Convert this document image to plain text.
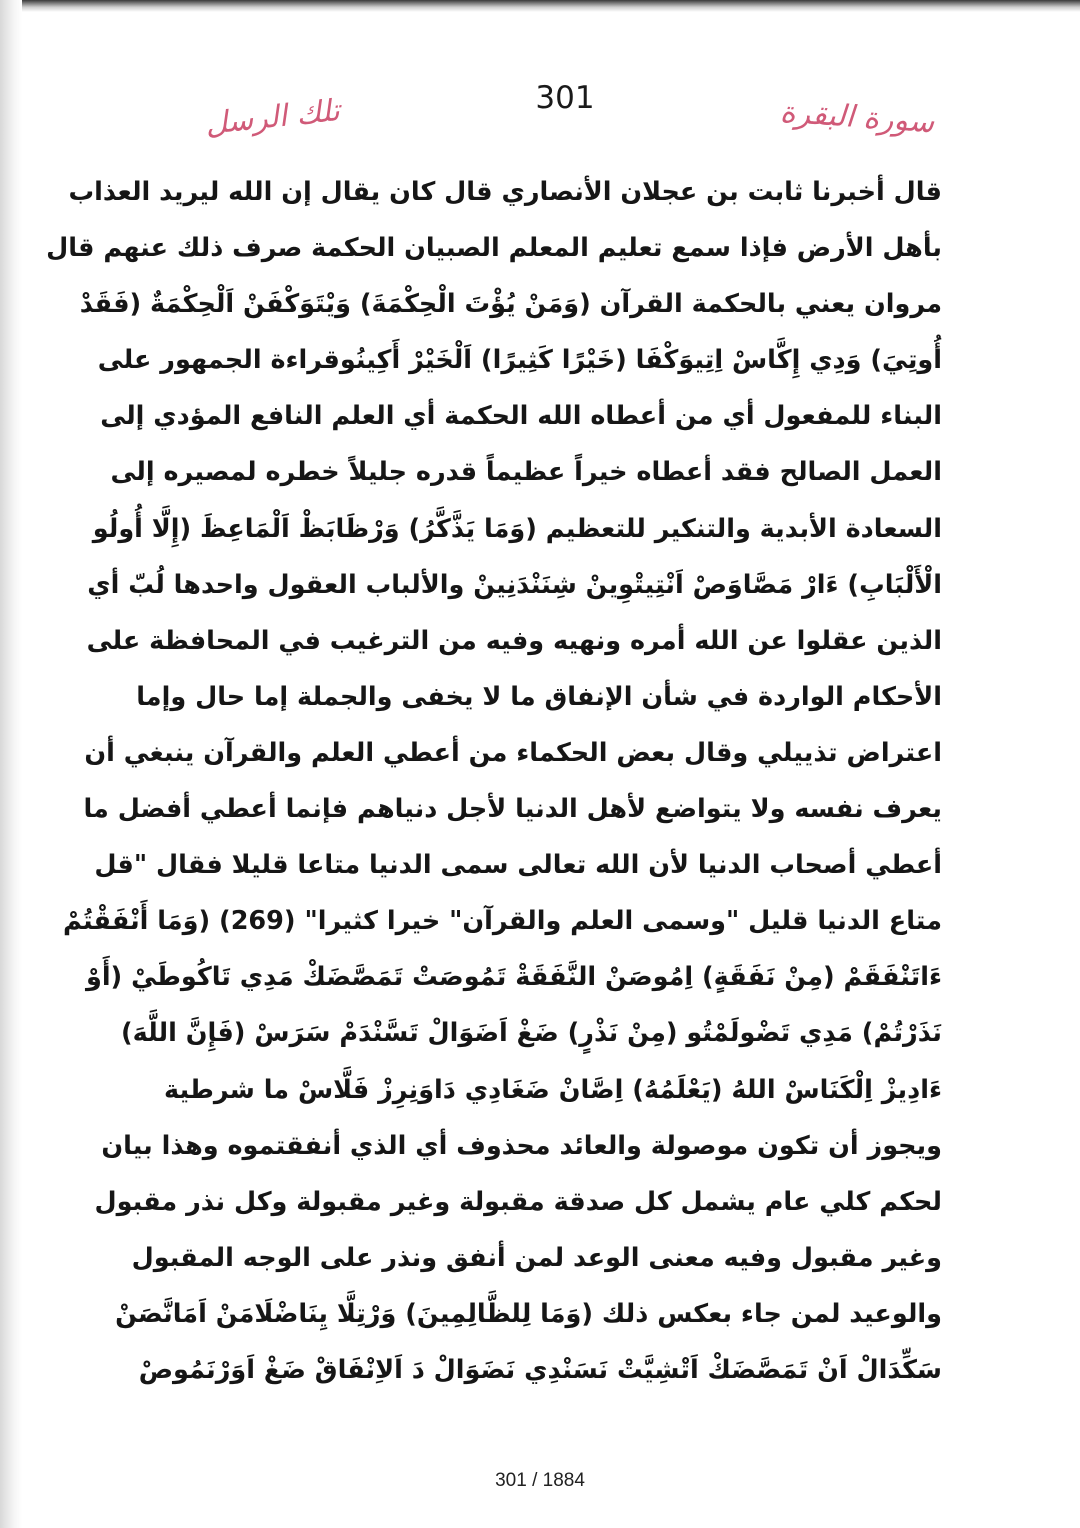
301	سورة البقرة
تلك الرسل
قال أخبرنا ثابت بن عجلان الأنصاري قال كان يقال إن الله ليريد العذاب
بأهل الأرض فإذا سمع تعليم المعلم الصبيان الحكمة صرف ذلك عنهم قال
مروان يعني بالحكمة القرآن (وَمَنْ يُؤْتَ الْحِكْمَةَ) وَيْتَوَكْفَنْ اَلْحِكْمَةٌ (فَقَدْ
أُوتِيَ) وَدِي إِكَّاسْ اِتِيوَكْفَا (خَيْرًا كَثِيرًا) اَلْخَيْرْ أَكِينُوقراءة الجمهور على
البناء للمفعول أي من أعطاه الله الحكمة أي العلم النافع المؤدي إلى
العمل الصالح فقد أعطاه خيراً عظيماً قدره جليلاً خطره لمصيره إلى
السعادة الأبدية والتنكير للتعظيم (وَمَا يَذَّكَّرُ) وَرْظَابَظْ اَلْمَاعِظَ (إِلَّا أُولُو
الْأَلْبَابِ) ءَارْ مَصَّاوَصْ اَنْتِيتْوِينْ شِنَنْدَنِينْ والألباب العقول واحدها لُبّ أي
الذين عقلوا عن الله أمره ونهيه وفيه من الترغيب في المحافظة على
الأحكام الواردة في شأن الإنفاق ما لا يخفى والجملة إما حال وإما
اعتراض تذييلي وقال بعض الحكماء من أعطي العلم والقرآن ينبغي أن
يعرف نفسه ولا يتواضع لأهل الدنيا لأجل دنياهم فإنما أعطي أفضل ما
أعطي أصحاب الدنيا لأن الله تعالى سمى الدنيا متاعا قليلا فقال "قل
متاع الدنيا قليل "وسمى العلم والقرآن" خيرا كثيرا" (269) (وَمَا أَنْفَقْتُمْ
ءَاتَنْفَقَمْ (مِنْ نَفَقَةٍ) اِمُوصَنْ النَّفَقَةْ تَمُوصَتْ تَمَصَّضَكْ مَدِي تَاكُوطَيْ (أَوْ
نَذَرْتُمْ) مَدِي تَضْولَمْتُو (مِنْ نَذْرٍ) ضَغْ اَضَوَالْ تَسَّنْدَمْ سَرَسْ (فَإِنَّ اللَّهَ)
ءَادِيزْ اِلْكَنَاسْ اللهُ (يَعْلَمُهُ) اِصَّانْ ضَغَادِي دَاوَنِرِزْ فَلَّاسْ ما شرطية
ويجوز أن تكون موصولة والعائد محذوف أي الذي أنفقتموه وهذا بيان
لحكم كلي عام يشمل كل صدقة مقبولة وغير مقبولة وكل نذر مقبول
وغير مقبول وفيه معنى الوعد لمن أنفق ونذر على الوجه المقبول
والوعيد لمن جاء بعكس ذلك (وَمَا لِلظَّالِمِينَ) وَرْتِلَّا يِنَاضْلَامَنْ اَمَانَّصَنْ
سَكِّدَالْ اَنْ تَمَصَّضَكْ اَتْشِيَّتْ نَسَنْدِي نَضَوَالْ دَ اَلاِنْفَاقْ ضَغْ اَوَرْنَمُوصْ
301 / 1884
